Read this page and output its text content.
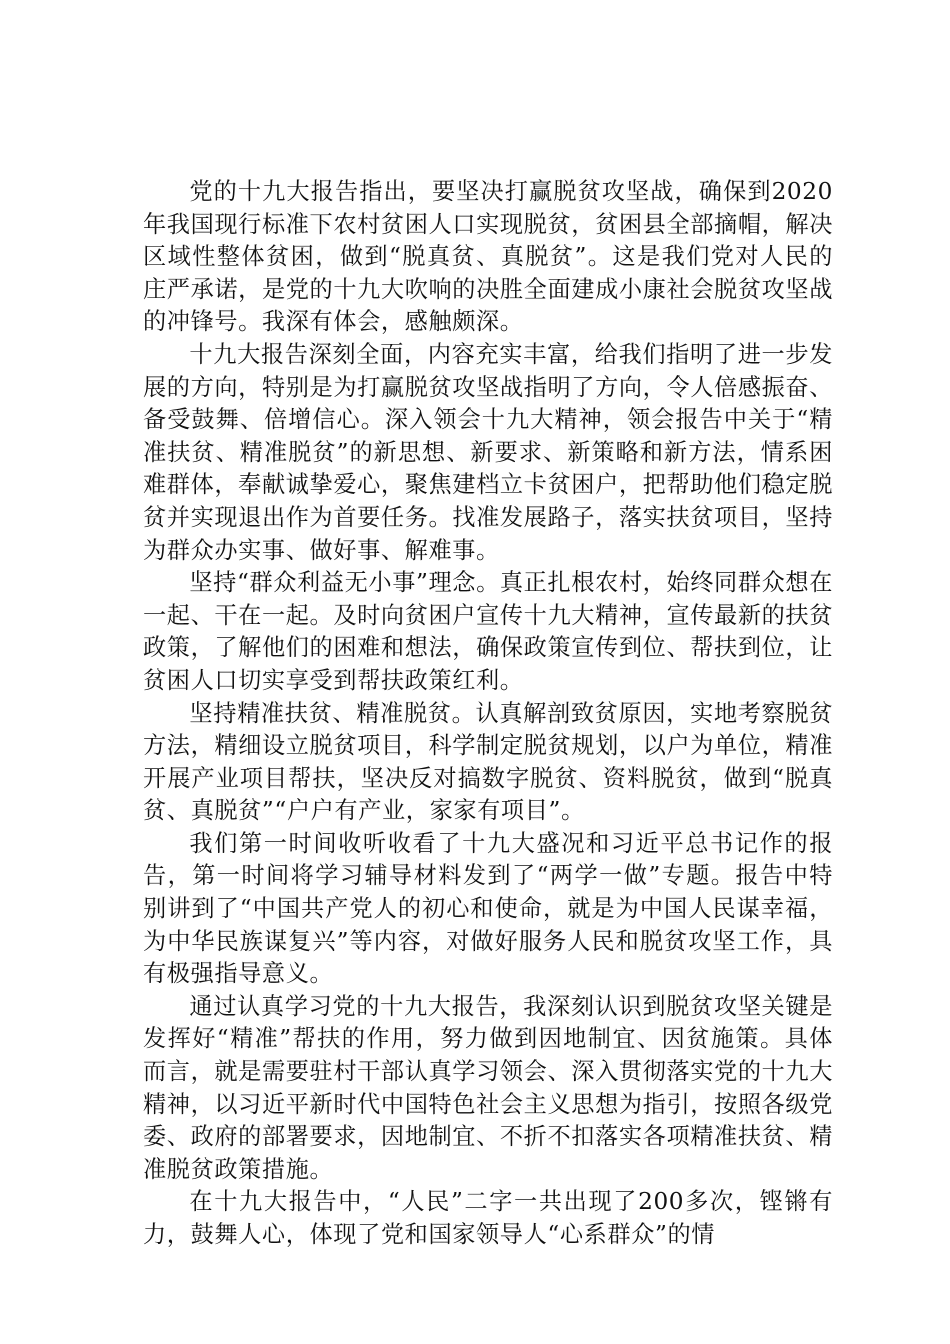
党的十九大报告指出，要坚决打赢脱贫攻坚战，确保到2020年我国现行标准下农村贫困人口实现脱贫，贫困县全部摘帽，解决区域性整体贫困，做到“脱真贫、真脱贫”。这是我们党对人民的庄严承诺，是党的十九大吹响的决胜全面建成小康社会脱贫攻坚战的冲锋号。我深有体会，感触颇深。

十九大报告深刻全面，内容充实丰富，给我们指明了进一步发展的方向，特别是为打赢脱贫攻坚战指明了方向，令人倍感振奋、备受鼓舞、倍增信心。深入领会十九大精神，领会报告中关于“精准扶贫、精准脱贫”的新思想、新要求、新策略和新方法，情系困难群体，奉献诚挚爱心，聚焦建档立卡贫困户，把帮助他们稳定脱贫并实现退出作为首要任务。找准发展路子，落实扶贫项目，坚持为群众办实事、做好事、解难事。

坚持“群众利益无小事”理念。真正扎根农村，始终同群众想在一起、干在一起。及时向贫困户宣传十九大精神，宣传最新的扶贫政策，了解他们的困难和想法，确保政策宣传到位、帮扶到位，让贫困人口切实享受到帮扶政策红利。

坚持精准扶贫、精准脱贫。认真解剖致贫原因，实地考察脱贫方法，精细设立脱贫项目，科学制定脱贫规划，以户为单位，精准开展产业项目帮扶，坚决反对搞数字脱贫、资料脱贫，做到“脱真贫、真脱贫”“户户有产业，家家有项目”。

我们第一时间收听收看了十九大盛况和习近平总书记作的报告，第一时间将学习辅导材料发到了“两学一做”专题。报告中特别讲到了“中国共产党人的初心和使命，就是为中国人民谋幸福，为中华民族谋复兴”等内容，对做好服务人民和脱贫攻坚工作，具有极强指导意义。

通过认真学习党的十九大报告，我深刻认识到脱贫攻坚关键是发挥好“精准”帮扶的作用，努力做到因地制宜、因贫施策。具体而言，就是需要驻村干部认真学习领会、深入贯彻落实党的十九大精神，以习近平新时代中国特色社会主义思想为指引，按照各级党委、政府的部署要求，因地制宜、不折不扣落实各项精准扶贫、精准脱贫政策措施。

在十九大报告中，“人民”二字一共出现了200多次，铿锵有力，鼓舞人心，体现了党和国家领导人“心系群众”的情
